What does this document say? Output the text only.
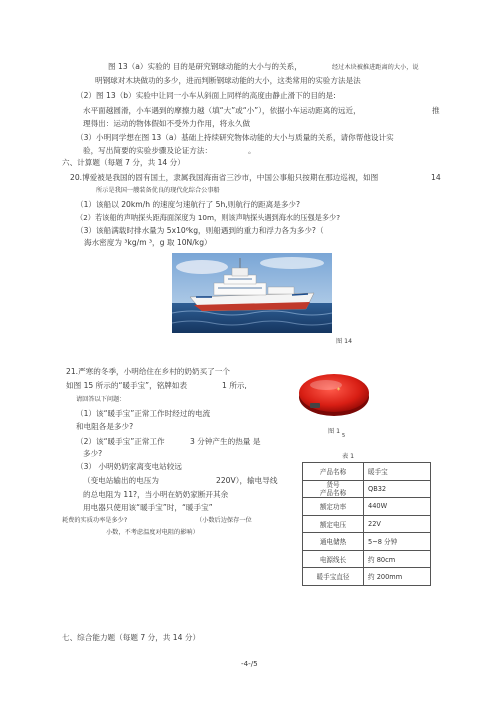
图 13（a）实验的 目的是研究钢球动能的大小与的关系，	经过木块被推进距离的大小，说
明钢球对木块做功的多少，进而判断钢球动能的大小，这类常用的实验方法是法
（2）图 13（b）实验中让同一小车从斜面上同样的高度由静止滑下的目的是:
水平面越圆滑，小车遇到的摩擦力越（填“大”或“小”），依据小车运动距离的远近，	推
理得出：运动的物体假如不受外力作用，将永久做
（3）小明同学想在图 13（a）基础上持续研究物体动能的大小与质量的关系，请你帮他设计实
验，写出简要的实验步骤及论证方法：	。
六、计算题（每题 7 分，共 14 分）
20.博爱被是我国的固有国土，隶属我国海南省三沙市，中国公事船只按期在那边巡视，如图	14
所示是我国一艘装备优良的现代化综合公事船
（1）该船以 20km/h 的速度匀速航行了 5h,则航行的距离是多少?
（2）若该船的声呐探头距海面深度为 10m，则该声呐探头遇到海水的压强是多少?
（3）该船满载时排水量为 5x10⁶kg，则船遇到的重力和浮力各为多少?（
海水密度为 ³kg/m ³，g 取 10N/kg）
图 14
21.严寒的冬季，小明给住在乡村的奶奶买了一个
如图 15 所示的“暖手宝”，铭牌如表	1 所示,
请回答以下问题：
（1）该“暖手宝”正常工作时经过的电流
和电阻各是多少?
（2）该“暖手宝”正常工作	3 分钟产生的热量 是
多少?
（3） 小明奶奶家离变电站较远
（变电站输出的电压为	220V），输电导线
的总电阻为 11?，当小明在奶奶家断开其余
用电器只使用该“暖手宝”时，“暖手宝”
耗费的实质功率是多少?	（小数后边保存一位
小数，不考虑温度对电阻的影响）
✶
图 1
5
表 1
产品名称	暖手宝
货号
产品名称	QB32
额定功率	440W
额定电压	22V
通电储热	5~8 分钟
电源线长	约 80cm
暖手宝直径	约 200mm
七、综合能力题（每题 7 分，共 14 分）
-4-/5
